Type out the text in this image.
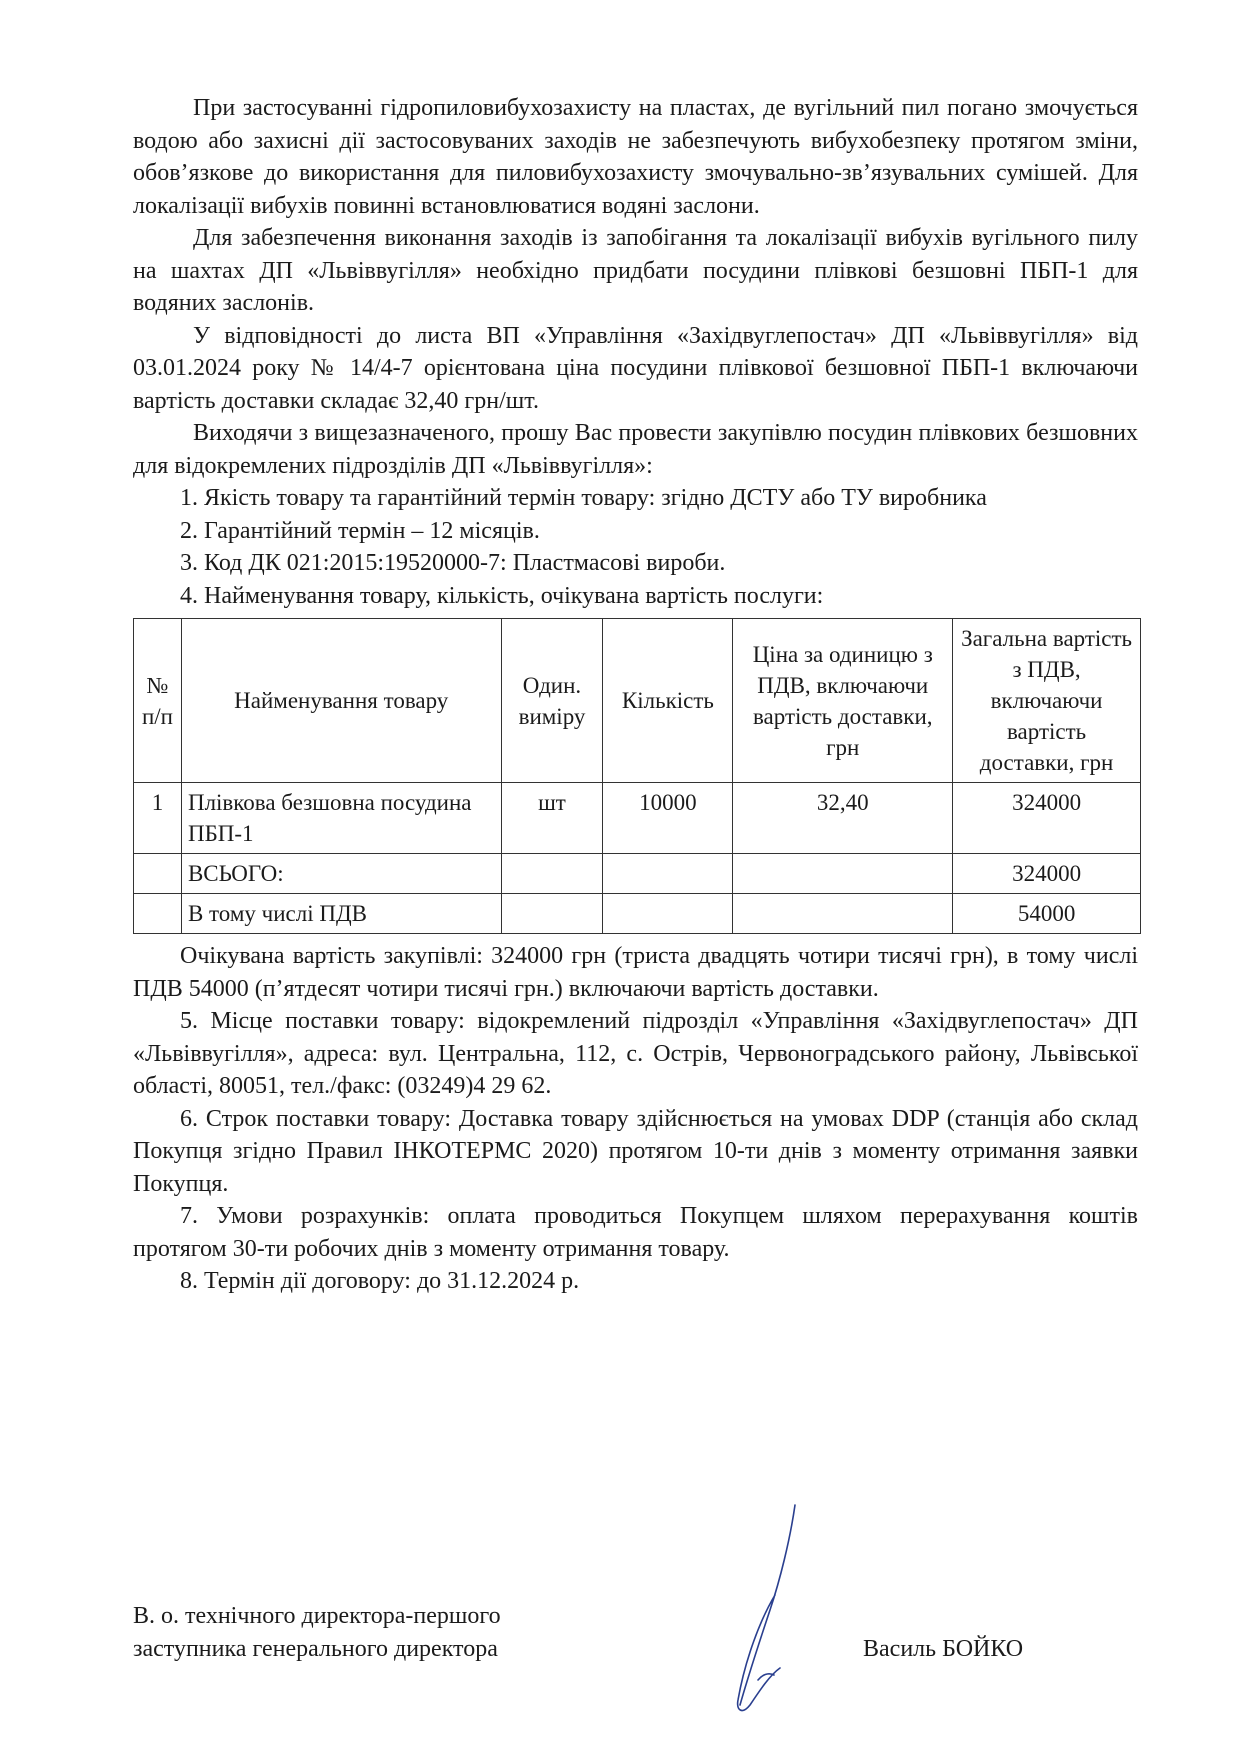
При застосуванні гідропиловибухозахисту на пластах, де вугільний пил погано змочується водою або захисні дії застосовуваних заходів не забезпечують вибухобезпеку протягом зміни, обов’язкове до використання для пиловибухозахисту змочувально-зв’язувальних сумішей. Для локалізації вибухів повинні встановлюватися водяні заслони.

Для забезпечення виконання заходів із запобігання та локалізації вибухів вугільного пилу на шахтах ДП «Львіввугілля» необхідно придбати посудини плівкові безшовні ПБП-1 для водяних заслонів.

У відповідності до листа ВП «Управління «Західвуглепостач» ДП «Львіввугілля» від 03.01.2024 року № 14/4-7 орієнтована ціна посудини плівкової безшовної ПБП-1 включаючи вартість доставки складає 32,40 грн/шт.

Виходячи з вищезазначеного, прошу Вас провести закупівлю посудин плівкових безшовних для відокремлених підрозділів ДП «Львіввугілля»:

1. Якість товару та гарантійний термін товару: згідно ДСТУ або ТУ виробника

2. Гарантійний термін – 12 місяців.

3. Код ДК 021:2015:19520000-7: Пластмасові вироби.

4. Найменування товару, кількість, очікувана вартість послуги:

№ п/п	Найменування товару	Один. виміру	Кількість	Ціна за одиницю з ПДВ, включаючи вартість доставки, грн	Загальна вартість з ПДВ, включаючи вартість доставки, грн
1	Плівкова безшовна посудина ПБП-1	шт	10000	32,40	324000
	ВСЬОГО:				324000
	В тому числі ПДВ				54000

Очікувана вартість закупівлі: 324000 грн (триста двадцять чотири тисячі грн), в тому числі ПДВ 54000 (п’ятдесят чотири тисячі грн.) включаючи вартість доставки.

5. Місце поставки товару: відокремлений підрозділ «Управління «Західвуглепостач» ДП «Львіввугілля», адреса: вул. Центральна, 112, с. Острів, Червоноградського району, Львівської області, 80051, тел./факс: (03249)4 29 62.

6. Строк поставки товару: Доставка товару здійснюється на умовах DDP (станція або склад Покупця згідно Правил ІНКОТЕРМС 2020) протягом 10-ти днів з моменту отримання заявки Покупця.

7. Умови розрахунків: оплата проводиться Покупцем шляхом перерахування коштів протягом 30-ти робочих днів з моменту отримання товару.

8. Термін дії договору: до 31.12.2024 р.

В. о. технічного директора-першого
заступника генерального директора	Василь БОЙКО
